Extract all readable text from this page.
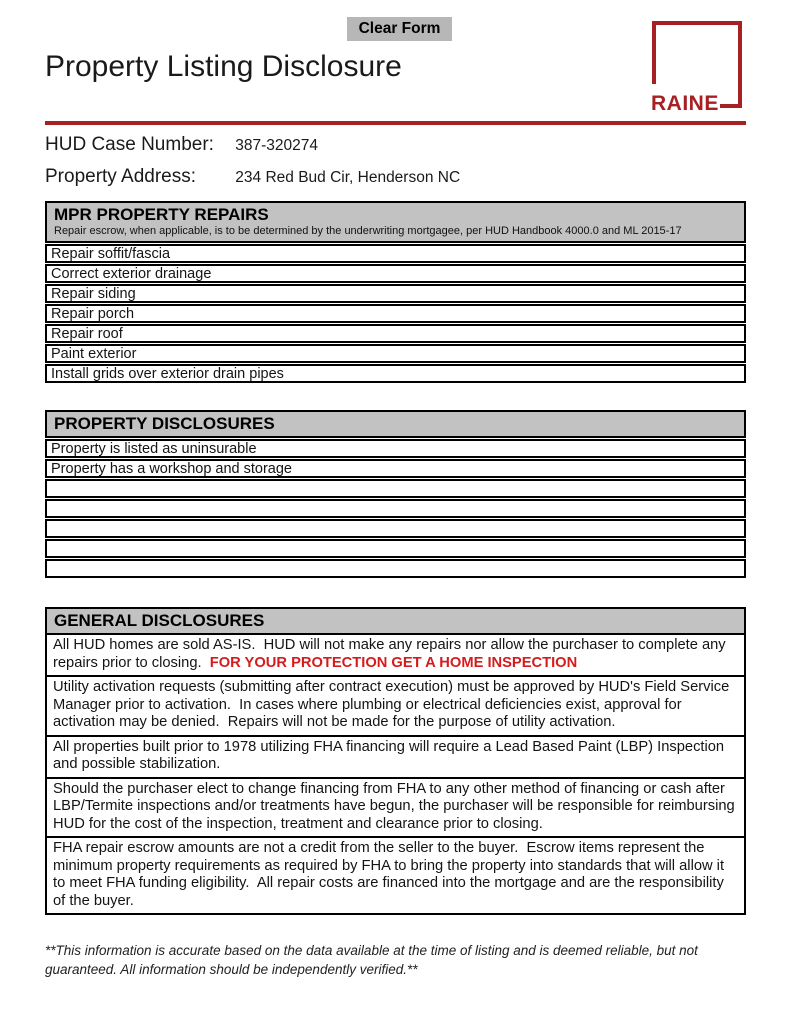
Clear Form
RAINE
Property Listing Disclosure
HUD Case Number: 387-320274
Property Address:	234 Red Bud Cir, Henderson NC
MPR PROPERTY REPAIRS
Repair escrow, when applicable, is to be determined by the underwriting mortgagee, per HUD Handbook 4000.0 and ML 2015-17
Repair soffit/fascia
Correct exterior drainage
Repair siding
Repair porch
Repair roof
Paint exterior
Install grids over exterior drain pipes
PROPERTY DISCLOSURES
Property is listed as uninsurable
Property has a workshop and storage
GENERAL DISCLOSURES
All HUD homes are sold AS-IS.  HUD will not make any repairs nor allow the purchaser to complete any repairs prior to closing.  FOR YOUR PROTECTION GET A HOME INSPECTION
Utility activation requests (submitting after contract execution) must be approved by HUD's Field Service Manager prior to activation.  In cases where plumbing or electrical deficiencies exist, approval for activation may be denied.  Repairs will not be made for the purpose of utility activation.
All properties built prior to 1978 utilizing FHA financing will require a Lead Based Paint (LBP) Inspection and possible stabilization.
Should the purchaser elect to change financing from FHA to any other method of financing or cash after LBP/Termite inspections and/or treatments have begun, the purchaser will be responsible for reimbursing HUD for the cost of the inspection, treatment and clearance prior to closing.
FHA repair escrow amounts are not a credit from the seller to the buyer.  Escrow items represent the minimum property requirements as required by FHA to bring the property into standards that will allow it to meet FHA funding eligibility.  All repair costs are financed into the mortgage and are the responsibility of the buyer.

**This information is accurate based on the data available at the time of listing and is deemed reliable, but not guaranteed. All information should be independently verified.**
